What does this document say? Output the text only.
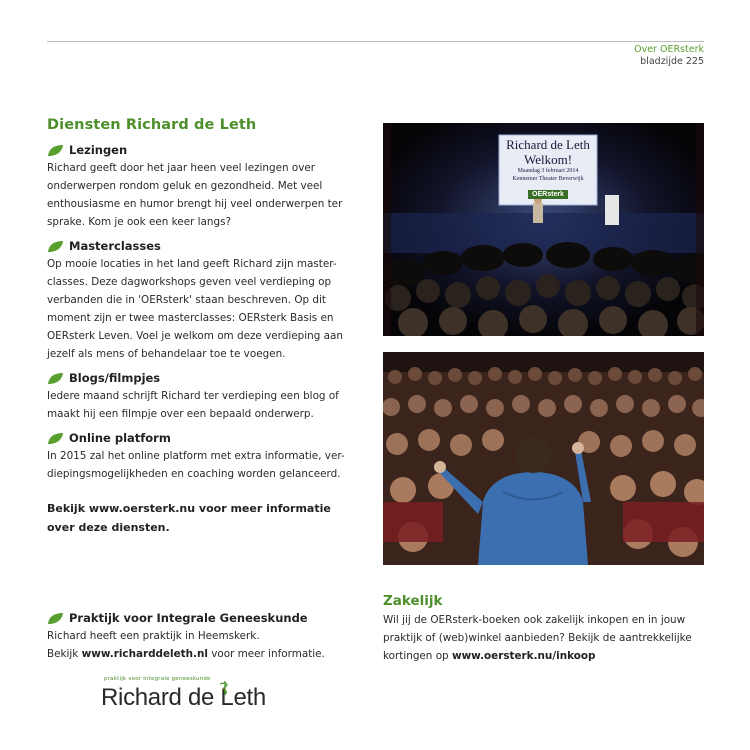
Over OERsterk
bladzijde 225
Diensten Richard de Leth
Lezingen

Richard geeft door het jaar heen veel lezingen over onderwerpen rondom geluk en gezondheid. Met veel enthousiasme en humor brengt hij veel onderwerpen ter sprake. Kom je ook een keer langs?

Masterclasses

Op mooie locaties in het land geeft Richard zijn master-classes. Deze dagworkshops geven veel verdieping op verbanden die in 'OERsterk' staan beschreven. Op dit moment zijn er twee masterclasses: OERsterk Basis en OERsterk Leven. Voel je welkom om deze verdieping aan jezelf als mens of behandelaar toe te voegen.

Blogs/filmpjes

Iedere maand schrijft Richard ter verdieping een blog of maakt hij een filmpje over een bepaald onderwerp.

Online platform

In 2015 zal het online platform met extra informatie, ver-diepingsmogelijkheden en coaching worden gelanceerd.

Bekijk www.oersterk.nu voor meer informatie
over deze diensten.
Praktijk voor Integrale Geneeskunde

Richard heeft een praktijk in Heemskerk.

Bekijk www.richarddeleth.nl voor meer informatie.

praktijk voor integrale geneeskunde
Richard de Leth
Richard de Leth
Welkom!
Maandag 3 februari 2014
Kennemer Theater Beverwijk
OERsterk
Zakelijk

Wil jij de OERsterk-boeken ook zakelijk inkopen en in jouw

praktijk of (web)winkel aanbieden? Bekijk de aantrekkelijke

kortingen op www.oersterk.nu/inkoop
